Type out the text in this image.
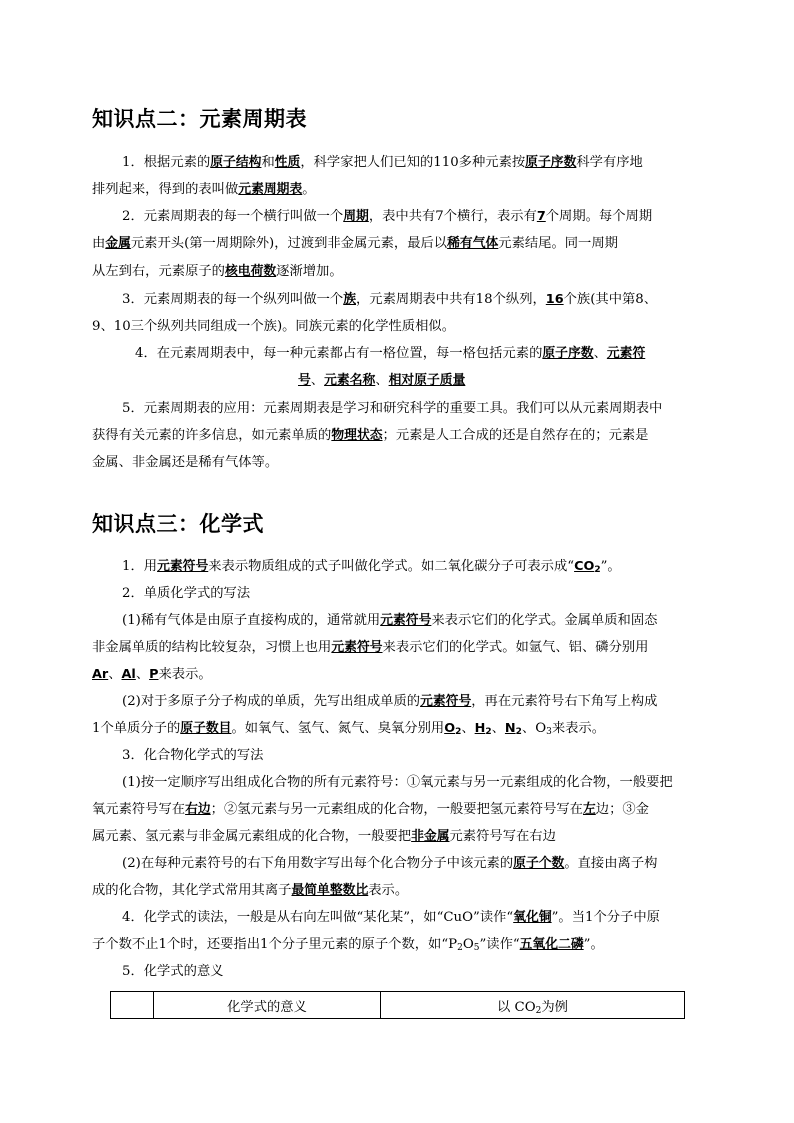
知识点二：元素周期表
1．根据元素的原子结构和性质，科学家把人们已知的110多种元素按原子序数科学有序地
排列起来，得到的表叫做元素周期表。
2．元素周期表的每一个横行叫做一个周期，表中共有7个横行，表示有7个周期。每个周期
由金属元素开头(第一周期除外)，过渡到非金属元素，最后以稀有气体元素结尾。同一周期
从左到右，元素原子的核电荷数逐渐增加。
3．元素周期表的每一个纵列叫做一个族，元素周期表中共有18个纵列，16个族(其中第8、
9、10三个纵列共同组成一个族)。同族元素的化学性质相似。
4．在元素周期表中，每一种元素都占有一格位置，每一格包括元素的原子序数、元素符
号、元素名称、相对原子质量
5．元素周期表的应用：元素周期表是学习和研究科学的重要工具。我们可以从元素周期表中
获得有关元素的许多信息，如元素单质的物理状态；元素是人工合成的还是自然存在的；元素是
金属、非金属还是稀有气体等。
知识点三：化学式
1．用元素符号来表示物质组成的式子叫做化学式。如二氧化碳分子可表示成“$CO_2$”。
2．单质化学式的写法
(1)稀有气体是由原子直接构成的，通常就用元素符号来表示它们的化学式。金属单质和固态
非金属单质的结构比较复杂，习惯上也用元素符号来表示它们的化学式。如氩气、铝、磷分别用
Ar、Al、P来表示。
(2)对于多原子分子构成的单质，先写出组成单质的元素符号，再在元素符号右下角写上构成
1个单质分子的原子数目。如氧气、氢气、氮气、臭氧分别用$O_2$、$H_2$、$N_2$、$O_3$来表示。
3．化合物化学式的写法
(1)按一定顺序写出组成化合物的所有元素符号：①氧元素与另一元素组成的化合物，一般要把
氧元素符号写在右边；②氢元素与另一元素组成的化合物，一般要把氢元素符号写在左边；③金
属元素、氢元素与非金属元素组成的化合物，一般要把非金属元素符号写在右边
(2)在每种元素符号的右下角用数字写出每个化合物分子中该元素的原子个数。直接由离子构
成的化合物，其化学式常用其离子最简单整数比表示。
4．化学式的读法，一般是从右向左叫做“某化某”，如“CuO”读作“氧化铜”。当1个分子中原
子个数不止1个时，还要指出1个分子里元素的原子个数，如“$P_2O_5$”读作“五氧化二磷”。
5．化学式的意义
	化学式的意义	以 $CO_2$为例
